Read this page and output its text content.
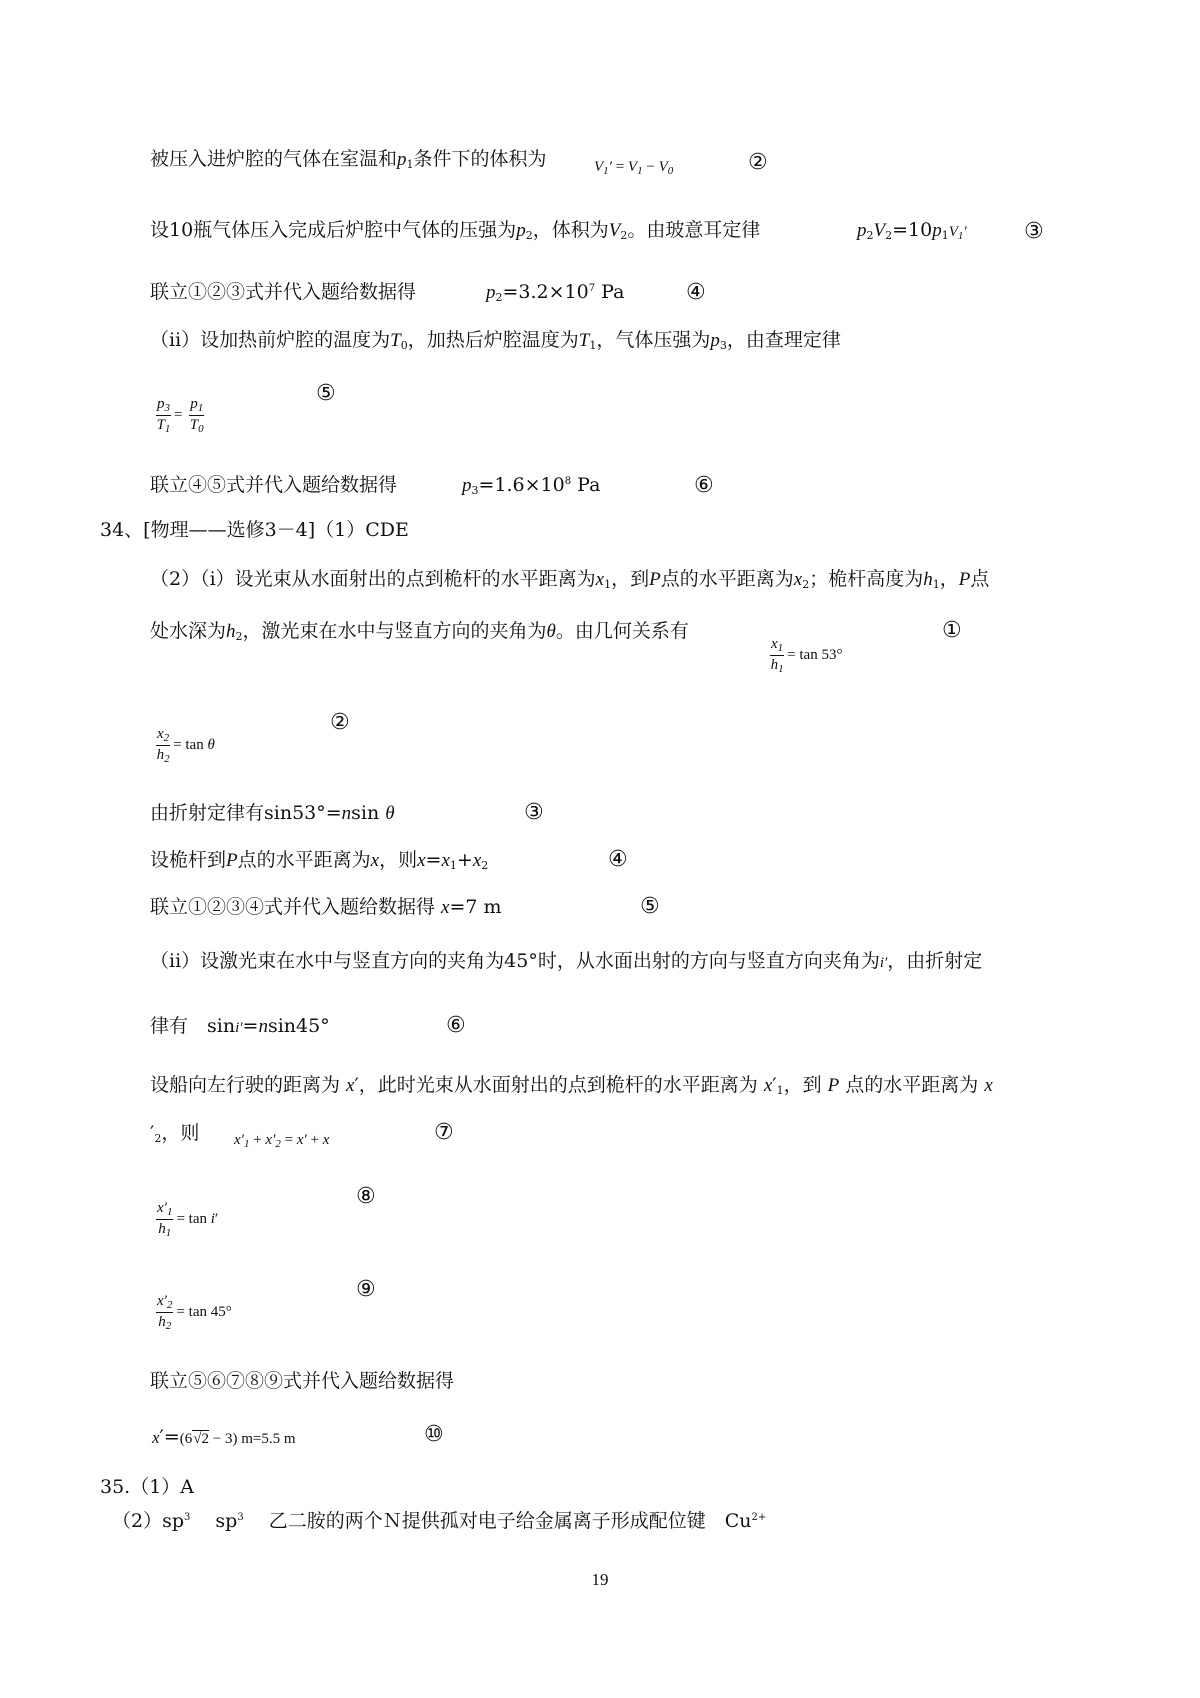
被压入进炉腔的气体在室温和$p_1$条件下的体积为	$V_1' = V_1 - V_0$	②
设10瓶气体压入完成后炉腔中气体的压强为$p_2$，体积为$V_2$。由玻意耳定律	$p_2V_2=10p_1V_1'$	③
联立①②③式并代入题给数据得	$p_2=3.2\times 10^7$ Pa	④
（ii）设加热前炉腔的温度为$T_0$，加热后炉腔温度为$T_1$，气体压强为$p_3$，由查理定律
$\frac{p_3}{T_1} = \frac{p_1}{T_0}$
⑤
联立④⑤式并代入题给数据得	$p_3=1.6\times 10^8$ Pa	⑥
34、[物理——选修3－4]（1）CDE
（2）（i）设光束从水面射出的点到桅杆的水平距离为$x_1$，到P点的水平距离为$x_2$；桅杆高度为$h_1$，P点
处水深为$h_2$，激光束在水中与竖直方向的夹角为θ。由几何关系有
$\frac{x_1}{h_1} = \tan 53^\circ$
①
$\frac{x_2}{h_2} = \tan \theta$
②
由折射定律有sin53°=nsin θ	③
设桅杆到P点的水平距离为x，则$x=x_1+x_2$	④
联立①②③④式并代入题给数据得 x=7 m	⑤
（ii）设激光束在水中与竖直方向的夹角为45°时，从水面出射的方向与竖直方向夹角为i′，由折射定
律有　sini′=nsin45°	⑥
设船向左行驶的距离为 x′，此时光束从水面射出的点到桅杆的水平距离为 $x'_1$，到 P 点的水平距离为 x
$'_2$，则 $x'_1 + x'_2 = x' + x$	⑦
$\frac{x'_1}{h_1} = \tan i'$
⑧
$\frac{x'_2}{h_2} = \tan 45^\circ$
⑨
联立⑤⑥⑦⑧⑨式并代入题给数据得
x′=(6√2 − 3) m=5.5 m	⑩
35.（1）A
$(2)sp^3$　 $sp^3$　 乙二胺的两个Ｎ提供孤对电子给金属离子形成配位键　$Cu^{2+}$
19
